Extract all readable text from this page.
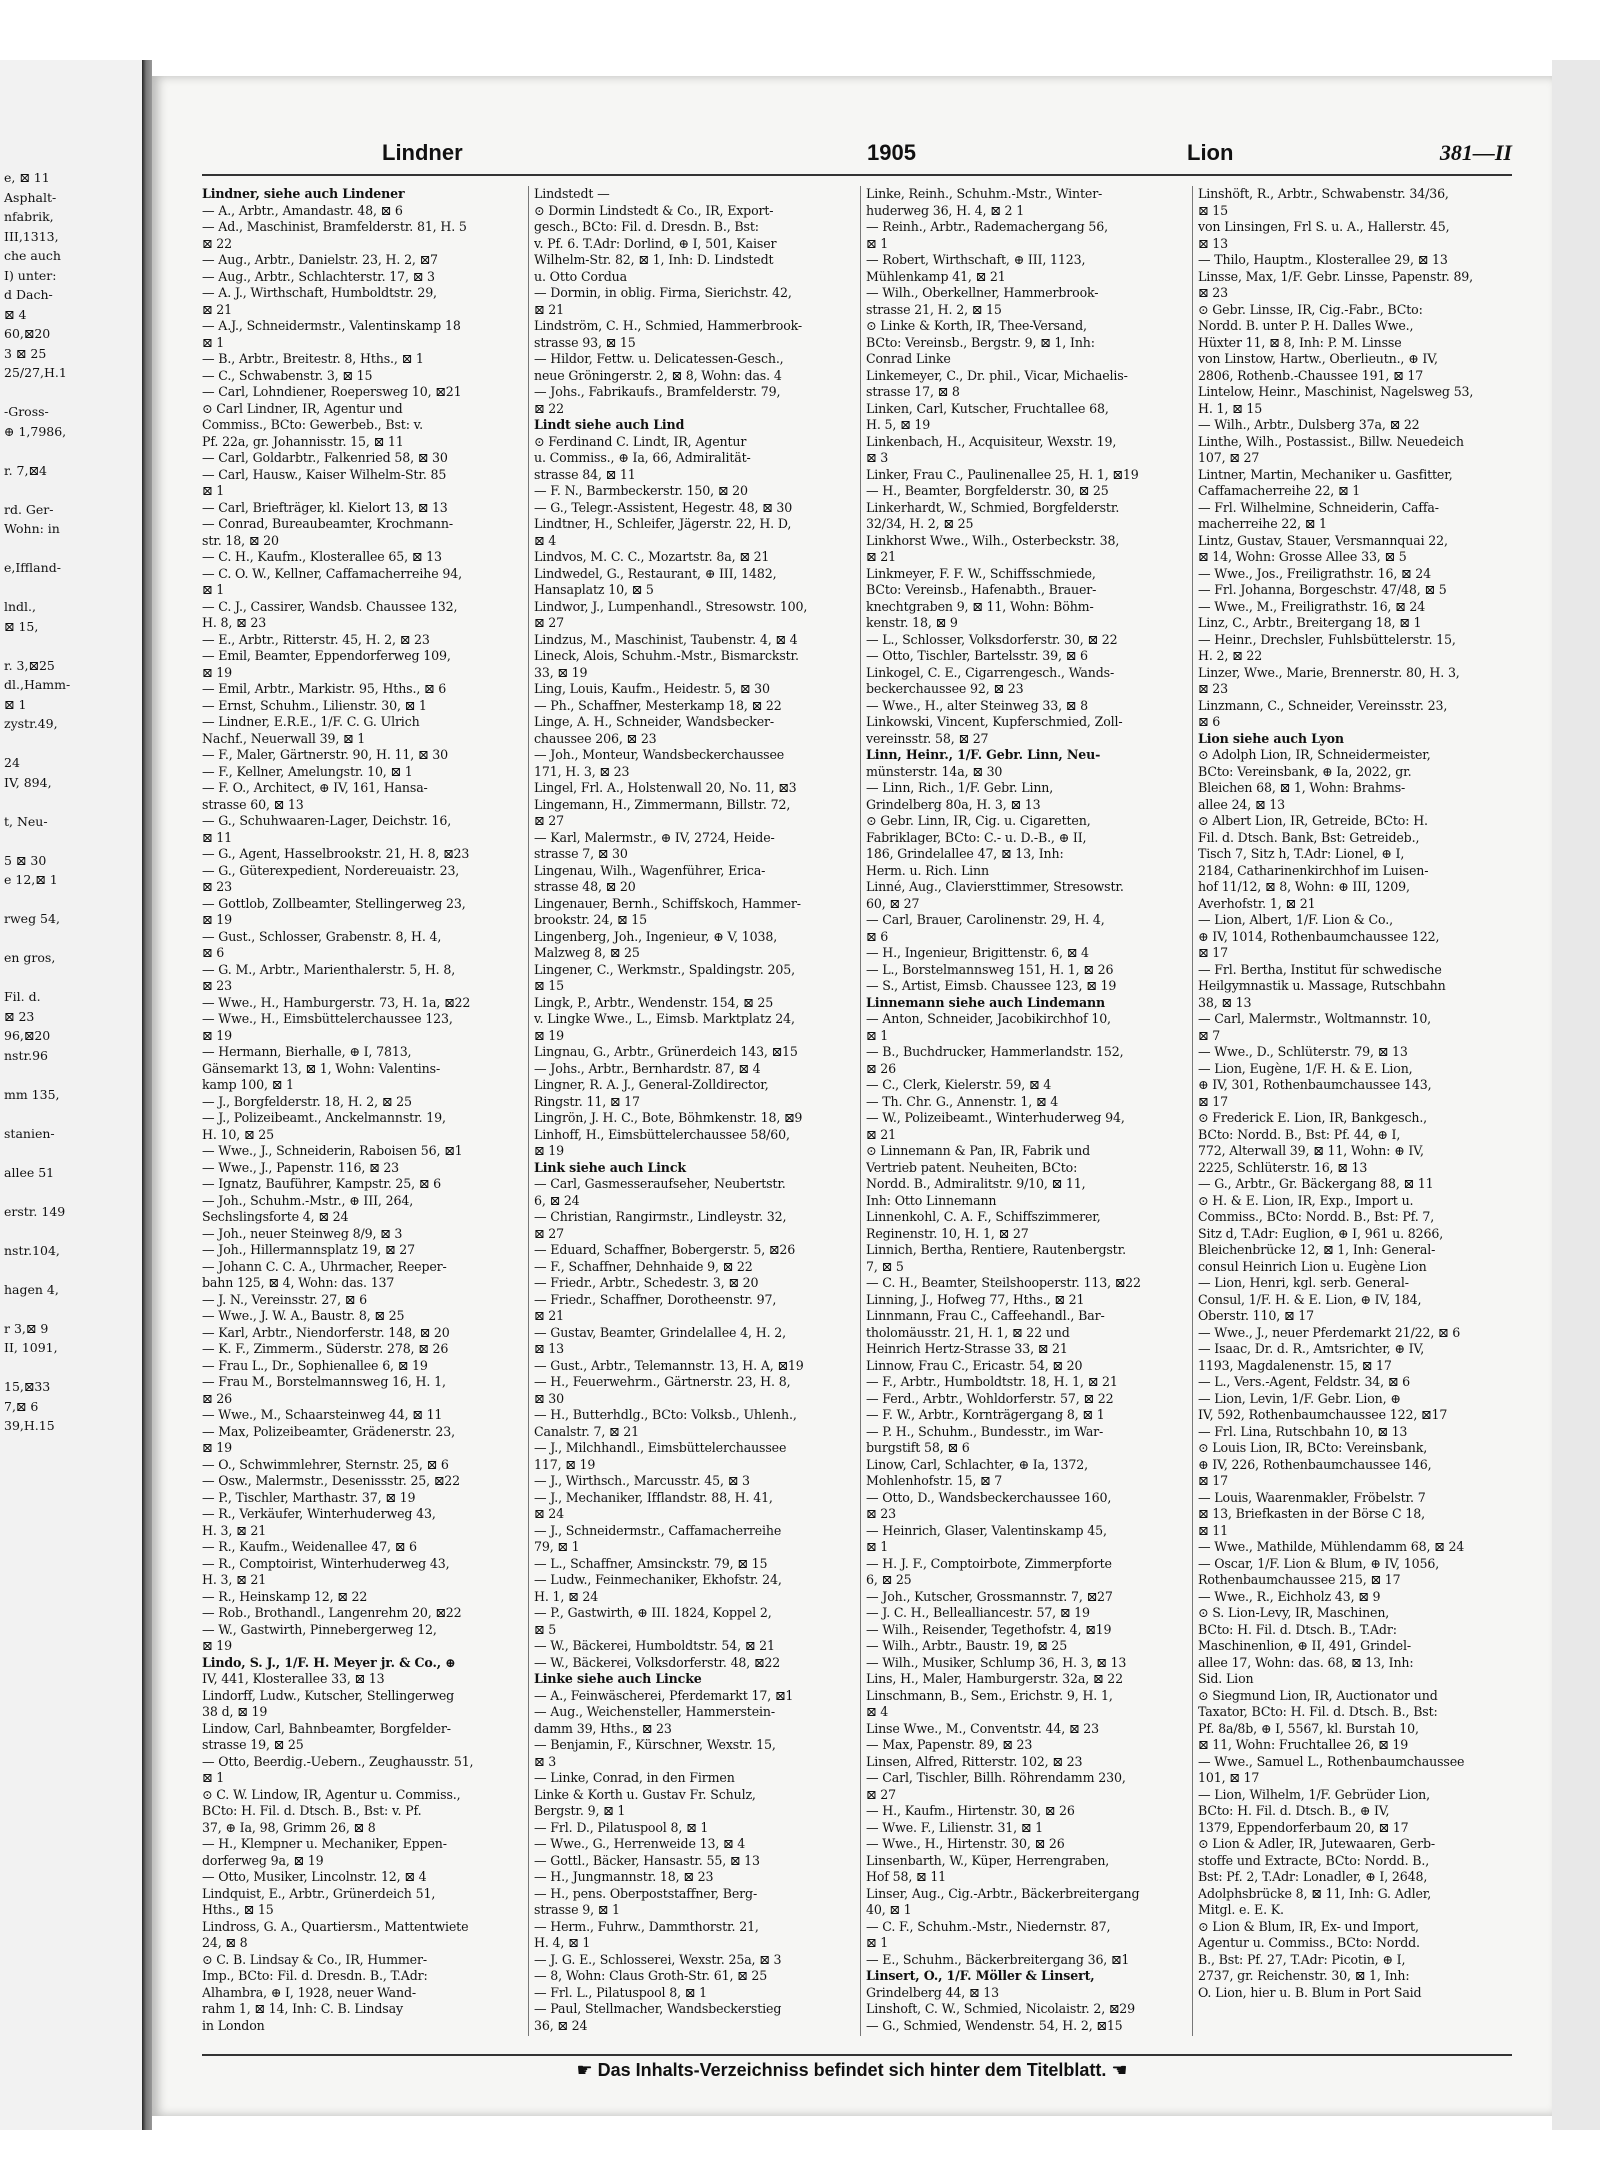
e, ⊠ 11
Asphalt-
nfabrik,
III,1313,
che auch
I) unter:
d Dach-
⊠ 4
60,⊠20
3 ⊠ 25
25/27,H.1

-Gross-
⊕ 1,7986,

r. 7,⊠4

rd. Ger-
Wohn: in

e,Iffland-

lndl.,
⊠ 15,

r. 3,⊠25
dl.,Hamm-
⊠ 1
zystr.49,

24
IV, 894,

t, Neu-

5 ⊠ 30
e 12,⊠ 1

rweg 54,

en gros,

Fil. d.
⊠ 23
96,⊠20
nstr.96

mm 135,

stanien-

allee 51

erstr. 149

nstr.104,

hagen 4,

r 3,⊠ 9
II, 1091,

15,⊠33
7,⊠ 6
39,H.15
Lindner	1905	Lion	381—II
Lindner, siehe auch Lindener
— A., Arbtr., Amandastr. 48, ⊠ 6
— Ad., Maschinist, Bramfelderstr. 81, H. 5
⊠ 22
— Aug., Arbtr., Danielstr. 23, H. 2, ⊠7
— Aug., Arbtr., Schlachterstr. 17, ⊠ 3
— A. J., Wirthschaft, Humboldtstr. 29,
⊠ 21
— A.J., Schneidermstr., Valentinskamp 18
⊠ 1
— B., Arbtr., Breitestr. 8, Hths., ⊠ 1
— C., Schwabenstr. 3, ⊠ 15
— Carl, Lohndiener, Roepersweg 10, ⊠21
⊙ Carl Lindner, IR, Agentur und
Commiss., BCto: Gewerbeb., Bst: v.
Pf. 22a, gr. Johannisstr. 15, ⊠ 11
— Carl, Goldarbtr., Falkenried 58, ⊠ 30
— Carl, Hausw., Kaiser Wilhelm-Str. 85
⊠ 1
— Carl, Briefträger, kl. Kielort 13, ⊠ 13
— Conrad, Bureaubeamter, Krochmann-
str. 18, ⊠ 20
— C. H., Kaufm., Klosterallee 65, ⊠ 13
— C. O. W., Kellner, Caffamacherreihe 94,
⊠ 1
— C. J., Cassirer, Wandsb. Chaussee 132,
H. 8, ⊠ 23
— E., Arbtr., Ritterstr. 45, H. 2, ⊠ 23
— Emil, Beamter, Eppendorferweg 109,
⊠ 19
— Emil, Arbtr., Markistr. 95, Hths., ⊠ 6
— Ernst, Schuhm., Lilienstr. 30, ⊠ 1
— Lindner, E.R.E., 1/F. C. G. Ulrich
Nachf., Neuerwall 39, ⊠ 1
— F., Maler, Gärtnerstr. 90, H. 11, ⊠ 30
— F., Kellner, Amelungstr. 10, ⊠ 1
— F. O., Architect, ⊕ IV, 161, Hansa-
strasse 60, ⊠ 13
— G., Schuhwaaren-Lager, Deichstr. 16,
⊠ 11
— G., Agent, Hasselbrookstr. 21, H. 8, ⊠23
— G., Güterexpedient, Nordereuaistr. 23,
⊠ 23
— Gottlob, Zollbeamter, Stellingerweg 23,
⊠ 19
— Gust., Schlosser, Grabenstr. 8, H. 4,
⊠ 6
— G. M., Arbtr., Marienthalerstr. 5, H. 8,
⊠ 23
— Wwe., H., Hamburgerstr. 73, H. 1a, ⊠22
— Wwe., H., Eimsbüttelerchaussee 123,
⊠ 19
— Hermann, Bierhalle, ⊕ I, 7813,
Gänsemarkt 13, ⊠ 1, Wohn: Valentins-
kamp 100, ⊠ 1
— J., Borgfelderstr. 18, H. 2, ⊠ 25
— J., Polizeibeamt., Anckelmannstr. 19,
H. 10, ⊠ 25
— Wwe., J., Schneiderin, Raboisen 56, ⊠1
— Wwe., J., Papenstr. 116, ⊠ 23
— Ignatz, Bauführer, Kampstr. 25, ⊠ 6
— Joh., Schuhm.-Mstr., ⊕ III, 264,
Sechslingsforte 4, ⊠ 24
— Joh., neuer Steinweg 8/9, ⊠ 3
— Joh., Hillermannsplatz 19, ⊠ 27
— Johann C. C. A., Uhrmacher, Reeper-
bahn 125, ⊠ 4, Wohn: das. 137
— J. N., Vereinsstr. 27, ⊠ 6
— Wwe., J. W. A., Baustr. 8, ⊠ 25
— Karl, Arbtr., Niendorferstr. 148, ⊠ 20
— K. F., Zimmerm., Süderstr. 278, ⊠ 26
— Frau L., Dr., Sophienallee 6, ⊠ 19
— Frau M., Borstelmannsweg 16, H. 1,
⊠ 26
— Wwe., M., Schaarsteinweg 44, ⊠ 11
— Max, Polizeibeamter, Grädenerstr. 23,
⊠ 19
— O., Schwimmlehrer, Sternstr. 25, ⊠ 6
— Osw., Malermstr., Desenissstr. 25, ⊠22
— P., Tischler, Marthastr. 37, ⊠ 19
— R., Verkäufer, Winterhuderweg 43,
H. 3, ⊠ 21
— R., Kaufm., Weidenallee 47, ⊠ 6
— R., Comptoirist, Winterhuderweg 43,
H. 3, ⊠ 21
— R., Heinskamp 12, ⊠ 22
— Rob., Brothandl., Langenrehm 20, ⊠22
— W., Gastwirth, Pinnebergerweg 12,
⊠ 19
Lindo, S. J., 1/F. H. Meyer jr. & Co., ⊕
IV, 441, Klosterallee 33, ⊠ 13
Lindorff, Ludw., Kutscher, Stellingerweg
38 d, ⊠ 19
Lindow, Carl, Bahnbeamter, Borgfelder-
strasse 19, ⊠ 25
— Otto, Beerdig.-Uebern., Zeughausstr. 51,
⊠ 1
⊙ C. W. Lindow, IR, Agentur u. Commiss.,
BCto: H. Fil. d. Dtsch. B., Bst: v. Pf.
37, ⊕ Ia, 98, Grimm 26, ⊠ 8
— H., Klempner u. Mechaniker, Eppen-
dorferweg 9a, ⊠ 19
— Otto, Musiker, Lincolnstr. 12, ⊠ 4
Lindquist, E., Arbtr., Grünerdeich 51,
Hths., ⊠ 15
Lindross, G. A., Quartiersm., Mattentwiete
24, ⊠ 8
⊙ C. B. Lindsay & Co., IR, Hummer-
Imp., BCto: Fil. d. Dresdn. B., T.Adr:
Alhambra, ⊕ I, 1928, neuer Wand-
rahm 1, ⊠ 14, Inh: C. B. Lindsay
in London
Lindstedt —
⊙ Dormin Lindstedt & Co., IR, Export-
gesch., BCto: Fil. d. Dresdn. B., Bst:
v. Pf. 6. T.Adr: Dorlind, ⊕ I, 501, Kaiser
Wilhelm-Str. 82, ⊠ 1, Inh: D. Lindstedt
u. Otto Cordua
— Dormin, in oblig. Firma, Sierichstr. 42,
⊠ 21
Lindström, C. H., Schmied, Hammerbrook-
strasse 93, ⊠ 15
— Hildor, Fettw. u. Delicatessen-Gesch.,
neue Gröningerstr. 2, ⊠ 8, Wohn: das. 4
— Johs., Fabrikaufs., Bramfelderstr. 79,
⊠ 22
Lindt siehe auch Lind
⊙ Ferdinand C. Lindt, IR, Agentur
u. Commiss., ⊕ Ia, 66, Admiralität-
strasse 84, ⊠ 11
— F. N., Barmbeckerstr. 150, ⊠ 20
— G., Telegr.-Assistent, Hegestr. 48, ⊠ 30
Lindtner, H., Schleifer, Jägerstr. 22, H. D,
⊠ 4
Lindvos, M. C. C., Mozartstr. 8a, ⊠ 21
Lindwedel, G., Restaurant, ⊕ III, 1482,
Hansaplatz 10, ⊠ 5
Lindwor, J., Lumpenhandl., Stresowstr. 100,
⊠ 27
Lindzus, M., Maschinist, Taubenstr. 4, ⊠ 4
Lineck, Alois, Schuhm.-Mstr., Bismarckstr.
33, ⊠ 19
Ling, Louis, Kaufm., Heidestr. 5, ⊠ 30
— Ph., Schaffner, Mesterkamp 18, ⊠ 22
Linge, A. H., Schneider, Wandsbecker-
chaussee 206, ⊠ 23
— Joh., Monteur, Wandsbeckerchaussee
171, H. 3, ⊠ 23
Lingel, Frl. A., Holstenwall 20, No. 11, ⊠3
Lingemann, H., Zimmermann, Billstr. 72,
⊠ 27
— Karl, Malermstr., ⊕ IV, 2724, Heide-
strasse 7, ⊠ 30
Lingenau, Wilh., Wagenführer, Erica-
strasse 48, ⊠ 20
Lingenauer, Bernh., Schiffskoch, Hammer-
brookstr. 24, ⊠ 15
Lingenberg, Joh., Ingenieur, ⊕ V, 1038,
Malzweg 8, ⊠ 25
Lingener, C., Werkmstr., Spaldingstr. 205,
⊠ 15
Lingk, P., Arbtr., Wendenstr. 154, ⊠ 25
v. Lingke Wwe., L., Eimsb. Marktplatz 24,
⊠ 19
Lingnau, G., Arbtr., Grünerdeich 143, ⊠15
— Johs., Arbtr., Bernhardstr. 87, ⊠ 4
Lingner, R. A. J., General-Zolldirector,
Ringstr. 11, ⊠ 17
Lingrön, J. H. C., Bote, Böhmkenstr. 18, ⊠9
Linhoff, H., Eimsbüttelerchaussee 58/60,
⊠ 19
Link siehe auch Linck
— Carl, Gasmesseraufseher, Neubertstr.
6, ⊠ 24
— Christian, Rangirmstr., Lindleystr. 32,
⊠ 27
— Eduard, Schaffner, Bobergerstr. 5, ⊠26
— F., Schaffner, Dehnhaide 9, ⊠ 22
— Friedr., Arbtr., Schedestr. 3, ⊠ 20
— Friedr., Schaffner, Dorotheenstr. 97,
⊠ 21
— Gustav, Beamter, Grindelallee 4, H. 2,
⊠ 13
— Gust., Arbtr., Telemannstr. 13, H. A, ⊠19
— H., Feuerwehrm., Gärtnerstr. 23, H. 8,
⊠ 30
— H., Butterhdlg., BCto: Volksb., Uhlenh.,
Canalstr. 7, ⊠ 21
— J., Milchhandl., Eimsbüttelerchaussee
117, ⊠ 19
— J., Wirthsch., Marcusstr. 45, ⊠ 3
— J., Mechaniker, Ifflandstr. 88, H. 41,
⊠ 24
— J., Schneidermstr., Caffamacherreihe
79, ⊠ 1
— L., Schaffner, Amsinckstr. 79, ⊠ 15
— Ludw., Feinmechaniker, Ekhofstr. 24,
H. 1, ⊠ 24
— P., Gastwirth, ⊕ III. 1824, Koppel 2,
⊠ 5
— W., Bäckerei, Humboldtstr. 54, ⊠ 21
— W., Bäckerei, Volksdorferstr. 48, ⊠22
Linke siehe auch Lincke
— A., Feinwäscherei, Pferdemarkt 17, ⊠1
— Aug., Weichensteller, Hammerstein-
damm 39, Hths., ⊠ 23
— Benjamin, F., Kürschner, Wexstr. 15,
⊠ 3
— Linke, Conrad, in den Firmen
Linke & Korth u. Gustav Fr. Schulz,
Bergstr. 9, ⊠ 1
— Frl. D., Pilatuspool 8, ⊠ 1
— Wwe., G., Herrenweide 13, ⊠ 4
— Gottl., Bäcker, Hansastr. 55, ⊠ 13
— H., Jungmannstr. 18, ⊠ 23
— H., pens. Oberpoststaffner, Berg-
strasse 9, ⊠ 1
— Herm., Fuhrw., Dammthorstr. 21,
H. 4, ⊠ 1
— J. G. E., Schlosserei, Wexstr. 25a, ⊠ 3
— 8, Wohn: Claus Groth-Str. 61, ⊠ 25
— Frl. L., Pilatuspool 8, ⊠ 1
— Paul, Stellmacher, Wandsbeckerstieg
36, ⊠ 24
Linke, Reinh., Schuhm.-Mstr., Winter-
huderweg 36, H. 4, ⊠ 2 1
— Reinh., Arbtr., Rademachergang 56,
⊠ 1
— Robert, Wirthschaft, ⊕ III, 1123,
Mühlenkamp 41, ⊠ 21
— Wilh., Oberkellner, Hammerbrook-
strasse 21, H. 2, ⊠ 15
⊙ Linke & Korth, IR, Thee-Versand,
BCto: Vereinsb., Bergstr. 9, ⊠ 1, Inh:
Conrad Linke
Linkemeyer, C., Dr. phil., Vicar, Michaelis-
strasse 17, ⊠ 8
Linken, Carl, Kutscher, Fruchtallee 68,
H. 5, ⊠ 19
Linkenbach, H., Acquisiteur, Wexstr. 19,
⊠ 3
Linker, Frau C., Paulinenallee 25, H. 1, ⊠19
— H., Beamter, Borgfelderstr. 30, ⊠ 25
Linkerhardt, W., Schmied, Borgfelderstr.
32/34, H. 2, ⊠ 25
Linkhorst Wwe., Wilh., Osterbeckstr. 38,
⊠ 21
Linkmeyer, F. F. W., Schiffsschmiede,
BCto: Vereinsb., Hafenabth., Brauer-
knechtgraben 9, ⊠ 11, Wohn: Böhm-
kenstr. 18, ⊠ 9
— L., Schlosser, Volksdorferstr. 30, ⊠ 22
— Otto, Tischler, Bartelsstr. 39, ⊠ 6
Linkogel, C. E., Cigarrengesch., Wands-
beckerchaussee 92, ⊠ 23
— Wwe., H., alter Steinweg 33, ⊠ 8
Linkowski, Vincent, Kupferschmied, Zoll-
vereinsstr. 58, ⊠ 27
Linn, Heinr., 1/F. Gebr. Linn, Neu-
münsterstr. 14a, ⊠ 30
— Linn, Rich., 1/F. Gebr. Linn,
Grindelberg 80a, H. 3, ⊠ 13
⊙ Gebr. Linn, IR, Cig. u. Cigaretten,
Fabriklager, BCto: C.- u. D.-B., ⊕ II,
186, Grindelallee 47, ⊠ 13, Inh:
Herm. u. Rich. Linn
Linné, Aug., Claviersttimmer, Stresowstr.
60, ⊠ 27
— Carl, Brauer, Carolinenstr. 29, H. 4,
⊠ 6
— H., Ingenieur, Brigittenstr. 6, ⊠ 4
— L., Borstelmannsweg 151, H. 1, ⊠ 26
— S., Artist, Eimsb. Chaussee 123, ⊠ 19
Linnemann siehe auch Lindemann
— Anton, Schneider, Jacobikirchhof 10,
⊠ 1
— B., Buchdrucker, Hammerlandstr. 152,
⊠ 26
— C., Clerk, Kielerstr. 59, ⊠ 4
— Th. Chr. G., Annenstr. 1, ⊠ 4
— W., Polizeibeamt., Winterhuderweg 94,
⊠ 21
⊙ Linnemann & Pan, IR, Fabrik und
Vertrieb patent. Neuheiten, BCto:
Nordd. B., Admiralitstr. 9/10, ⊠ 11,
Inh: Otto Linnemann
Linnenkohl, C. A. F., Schiffszimmerer,
Reginenstr. 10, H. 1, ⊠ 27
Linnich, Bertha, Rentiere, Rautenbergstr.
7, ⊠ 5
— C. H., Beamter, Steilshooperstr. 113, ⊠22
Linning, J., Hofweg 77, Hths., ⊠ 21
Linnmann, Frau C., Caffeehandl., Bar-
tholomäusstr. 21, H. 1, ⊠ 22 und
Heinrich Hertz-Strasse 33, ⊠ 21
Linnow, Frau C., Ericastr. 54, ⊠ 20
— F., Arbtr., Humboldtstr. 18, H. 1, ⊠ 21
— Ferd., Arbtr., Wohldorferstr. 57, ⊠ 22
— F. W., Arbtr., Kornträgergang 8, ⊠ 1
— P. H., Schuhm., Bundesstr., im War-
burgstift 58, ⊠ 6
Linow, Carl, Schlachter, ⊕ Ia, 1372,
Mohlenhofstr. 15, ⊠ 7
— Otto, D., Wandsbeckerchaussee 160,
⊠ 23
— Heinrich, Glaser, Valentinskamp 45,
⊠ 1
— H. J. F., Comptoirbote, Zimmerpforte
6, ⊠ 25
— Joh., Kutscher, Grossmannstr. 7, ⊠27
— J. C. H., Bellealliancestr. 57, ⊠ 19
— Wilh., Reisender, Tegethofstr. 4, ⊠19
— Wilh., Arbtr., Baustr. 19, ⊠ 25
— Wilh., Musiker, Schlump 36, H. 3, ⊠ 13
Lins, H., Maler, Hamburgerstr. 32a, ⊠ 22
Linschmann, B., Sem., Erichstr. 9, H. 1,
⊠ 4
Linse Wwe., M., Conventstr. 44, ⊠ 23
— Max, Papenstr. 89, ⊠ 23
Linsen, Alfred, Ritterstr. 102, ⊠ 23
— Carl, Tischler, Billh. Röhrendamm 230,
⊠ 27
— H., Kaufm., Hirtenstr. 30, ⊠ 26
— Wwe. F., Lilienstr. 31, ⊠ 1
— Wwe., H., Hirtenstr. 30, ⊠ 26
Linsenbarth, W., Küper, Herrengraben,
Hof 58, ⊠ 11
Linser, Aug., Cig.-Arbtr., Bäckerbreitergang
40, ⊠ 1
— C. F., Schuhm.-Mstr., Niedernstr. 87,
⊠ 1
— E., Schuhm., Bäckerbreitergang 36, ⊠1
Linsert, O., 1/F. Möller & Linsert,
Grindelberg 44, ⊠ 13
Linshoft, C. W., Schmied, Nicolaistr. 2, ⊠29
— G., Schmied, Wendenstr. 54, H. 2, ⊠15
Linshöft, R., Arbtr., Schwabenstr. 34/36,
⊠ 15
von Linsingen, Frl S. u. A., Hallerstr. 45,
⊠ 13
— Thilo, Hauptm., Klosterallee 29, ⊠ 13
Linsse, Max, 1/F. Gebr. Linsse, Papenstr. 89,
⊠ 23
⊙ Gebr. Linsse, IR, Cig.-Fabr., BCto:
Nordd. B. unter P. H. Dalles Wwe.,
Hüxter 11, ⊠ 8, Inh: P. M. Linsse
von Linstow, Hartw., Oberlieutn., ⊕ IV,
2806, Rothenb.-Chaussee 191, ⊠ 17
Lintelow, Heinr., Maschinist, Nagelsweg 53,
H. 1, ⊠ 15
— Wilh., Arbtr., Dulsberg 37a, ⊠ 22
Linthe, Wilh., Postassist., Billw. Neuedeich
107, ⊠ 27
Lintner, Martin, Mechaniker u. Gasfitter,
Caffamacherreihe 22, ⊠ 1
— Frl. Wilhelmine, Schneiderin, Caffa-
macherreihe 22, ⊠ 1
Lintz, Gustav, Stauer, Versmannquai 22,
⊠ 14, Wohn: Grosse Allee 33, ⊠ 5
— Wwe., Jos., Freiligrathstr. 16, ⊠ 24
— Frl. Johanna, Borgeschstr. 47/48, ⊠ 5
— Wwe., M., Freiligrathstr. 16, ⊠ 24
Linz, C., Arbtr., Breitergang 18, ⊠ 1
— Heinr., Drechsler, Fuhlsbüttelerstr. 15,
H. 2, ⊠ 22
Linzer, Wwe., Marie, Brennerstr. 80, H. 3,
⊠ 23
Linzmann, C., Schneider, Vereinsstr. 23,
⊠ 6
Lion siehe auch Lyon
⊙ Adolph Lion, IR, Schneidermeister,
BCto: Vereinsbank, ⊕ Ia, 2022, gr.
Bleichen 68, ⊠ 1, Wohn: Brahms-
allee 24, ⊠ 13
⊙ Albert Lion, IR, Getreide, BCto: H.
Fil. d. Dtsch. Bank, Bst: Getreideb.,
Tisch 7, Sitz h, T.Adr: Lionel, ⊕ I,
2184, Catharinenkirchhof im Luisen-
hof 11/12, ⊠ 8, Wohn: ⊕ III, 1209,
Averhofstr. 1, ⊠ 21
— Lion, Albert, 1/F. Lion & Co.,
⊕ IV, 1014, Rothenbaumchaussee 122,
⊠ 17
— Frl. Bertha, Institut für schwedische
Heilgymnastik u. Massage, Rutschbahn
38, ⊠ 13
— Carl, Malermstr., Woltmannstr. 10,
⊠ 7
— Wwe., D., Schlüterstr. 79, ⊠ 13
— Lion, Eugène, 1/F. H. & E. Lion,
⊕ IV, 301, Rothenbaumchaussee 143,
⊠ 17
⊙ Frederick E. Lion, IR, Bankgesch.,
BCto: Nordd. B., Bst: Pf. 44, ⊕ I,
772, Alterwall 39, ⊠ 11, Wohn: ⊕ IV,
2225, Schlüterstr. 16, ⊠ 13
— G., Arbtr., Gr. Bäckergang 88, ⊠ 11
⊙ H. & E. Lion, IR, Exp., Import u.
Commiss., BCto: Nordd. B., Bst: Pf. 7,
Sitz d, T.Adr: Euglion, ⊕ I, 961 u. 8266,
Bleichenbrücke 12, ⊠ 1, Inh: General-
consul Heinrich Lion u. Eugène Lion
— Lion, Henri, kgl. serb. General-
Consul, 1/F. H. & E. Lion, ⊕ IV, 184,
Oberstr. 110, ⊠ 17
— Wwe., J., neuer Pferdemarkt 21/22, ⊠ 6
— Isaac, Dr. d. R., Amtsrichter, ⊕ IV,
1193, Magdalenenstr. 15, ⊠ 17
— L., Vers.-Agent, Feldstr. 34, ⊠ 6
— Lion, Levin, 1/F. Gebr. Lion, ⊕
IV, 592, Rothenbaumchaussee 122, ⊠17
— Frl. Lina, Rutschbahn 10, ⊠ 13
⊙ Louis Lion, IR, BCto: Vereinsbank,
⊕ IV, 226, Rothenbaumchaussee 146,
⊠ 17
— Louis, Waarenmakler, Fröbelstr. 7
⊠ 13, Briefkasten in der Börse C 18,
⊠ 11
— Wwe., Mathilde, Mühlendamm 68, ⊠ 24
— Oscar, 1/F. Lion & Blum, ⊕ IV, 1056,
Rothenbaumchaussee 215, ⊠ 17
— Wwe., R., Eichholz 43, ⊠ 9
⊙ S. Lion-Levy, IR, Maschinen,
BCto: H. Fil. d. Dtsch. B., T.Adr:
Maschinenlion, ⊕ II, 491, Grindel-
allee 17, Wohn: das. 68, ⊠ 13, Inh:
Sid. Lion
⊙ Siegmund Lion, IR, Auctionator und
Taxator, BCto: H. Fil. d. Dtsch. B., Bst:
Pf. 8a/8b, ⊕ I, 5567, kl. Burstah 10,
⊠ 11, Wohn: Fruchtallee 26, ⊠ 19
— Wwe., Samuel L., Rothenbaumchaussee
101, ⊠ 17
— Lion, Wilhelm, 1/F. Gebrüder Lion,
BCto: H. Fil. d. Dtsch. B., ⊕ IV,
1379, Eppendorferbaum 20, ⊠ 17
⊙ Lion & Adler, IR, Jutewaaren, Gerb-
stoffe und Extracte, BCto: Nordd. B.,
Bst: Pf. 2, T.Adr: Lonadler, ⊕ I, 2648,
Adolphsbrücke 8, ⊠ 11, Inh: G. Adler,
Mitgl. e. E. K.
⊙ Lion & Blum, IR, Ex- und Import,
Agentur u. Commiss., BCto: Nordd.
B., Bst: Pf. 27, T.Adr: Picotin, ⊕ I,
2737, gr. Reichenstr. 30, ⊠ 1, Inh:
O. Lion, hier u. B. Blum in Port Said
☛ Das Inhalts-Verzeichniss befindet sich hinter dem Titelblatt. ☚
